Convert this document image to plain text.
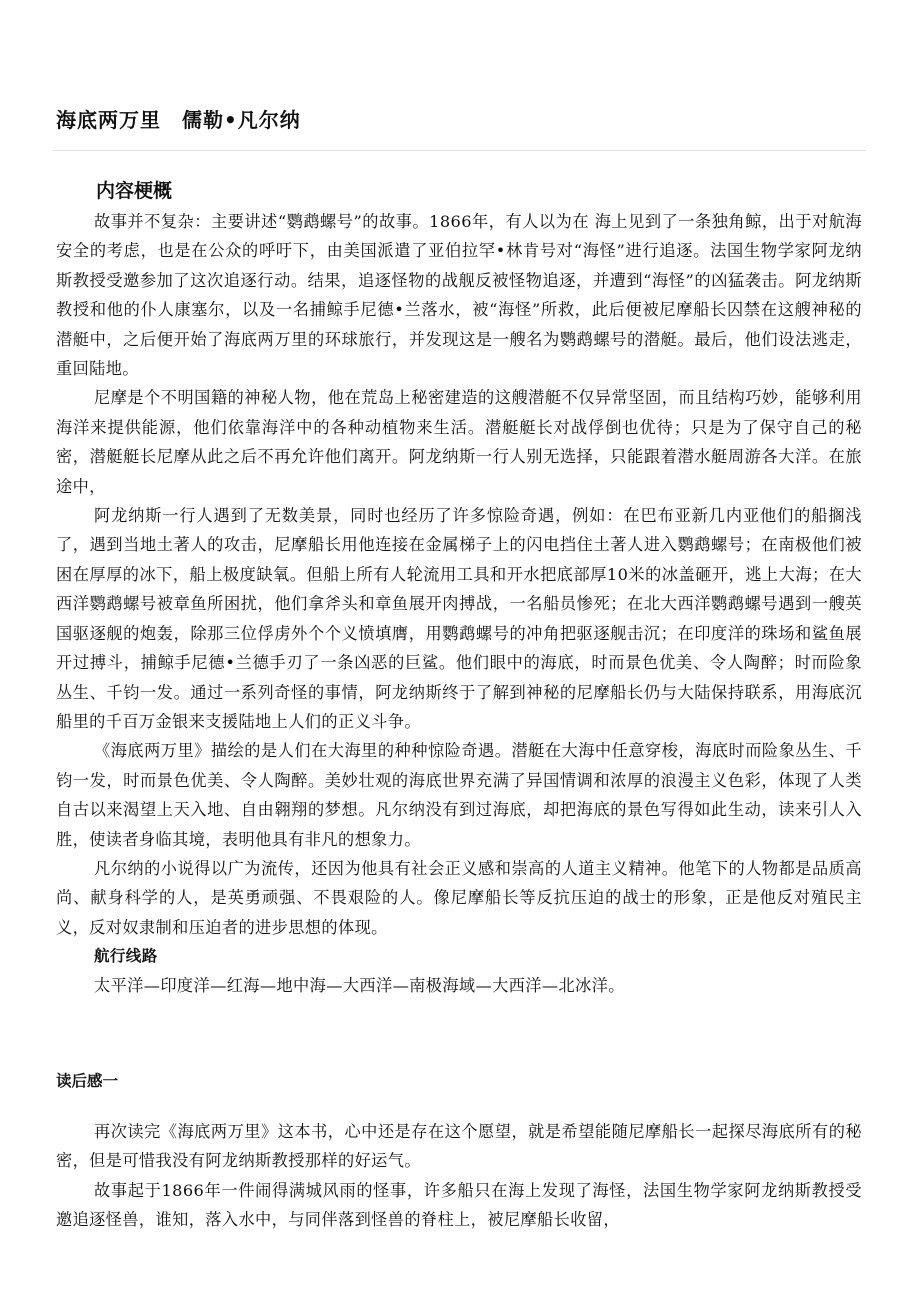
海底两万里　儒勒•凡尔纳
内容梗概

故事并不复杂：主要讲述“鹦鹉螺号”的故事。1866年，有人以为在 海上见到了一条独角鲸，出于对航海安全的考虑，也是在公众的呼吁下，由美国派遣了亚伯拉罕•林肯号对“海怪”进行追逐。法国生物学家阿龙纳斯教授受邀参加了这次追逐行动。结果，追逐怪物的战舰反被怪物追逐，并遭到“海怪”的凶猛袭击。阿龙纳斯教授和他的仆人康塞尔，以及一名捕鲸手尼德•兰落水，被“海怪”所救，此后便被尼摩船长囚禁在这艘神秘的潜艇中，之后便开始了海底两万里的环球旅行，并发现这是一艘名为鹦鹉螺号的潜艇。最后，他们设法逃走，重回陆地。

尼摩是个不明国籍的神秘人物，他在荒岛上秘密建造的这艘潜艇不仅异常坚固，而且结构巧妙，能够利用海洋来提供能源，他们依靠海洋中的各种动植物来生活。潜艇艇长对战俘倒也优待；只是为了保守自己的秘密，潜艇艇长尼摩从此之后不再允许他们离开。阿龙纳斯一行人别无选择，只能跟着潜水艇周游各大洋。在旅途中，

阿龙纳斯一行人遇到了无数美景，同时也经历了许多惊险奇遇，例如：在巴布亚新几内亚他们的船搁浅了，遇到当地土著人的攻击，尼摩船长用他连接在金属梯子上的闪电挡住土著人进入鹦鹉螺号；在南极他们被困在厚厚的冰下，船上极度缺氧。但船上所有人轮流用工具和开水把底部厚10米的冰盖砸开，逃上大海；在大西洋鹦鹉螺号被章鱼所困扰，他们拿斧头和章鱼展开肉搏战，一名船员惨死；在北大西洋鹦鹉螺号遇到一艘英国驱逐舰的炮轰，除那三位俘虏外个个义愤填膺，用鹦鹉螺号的冲角把驱逐舰击沉；在印度洋的珠场和鲨鱼展开过搏斗，捕鲸手尼德•兰德手刃了一条凶恶的巨鲨。他们眼中的海底，时而景色优美、令人陶醉；时而险象丛生、千钧一发。通过一系列奇怪的事情，阿龙纳斯终于了解到神秘的尼摩船长仍与大陆保持联系，用海底沉船里的千百万金银来支援陆地上人们的正义斗争。

《海底两万里》描绘的是人们在大海里的种种惊险奇遇。潜艇在大海中任意穿梭，海底时而险象丛生、千钧一发，时而景色优美、令人陶醉。美妙壮观的海底世界充满了异国情调和浓厚的浪漫主义色彩，体现了人类自古以来渴望上天入地、自由翱翔的梦想。凡尔纳没有到过海底，却把海底的景色写得如此生动，读来引人入胜，使读者身临其境，表明他具有非凡的想象力。

凡尔纳的小说得以广为流传，还因为他具有社会正义感和崇高的人道主义精神。他笔下的人物都是品质高尚、献身科学的人，是英勇顽强、不畏艰险的人。像尼摩船长等反抗压迫的战士的形象，正是他反对殖民主义，反对奴隶制和压迫者的进步思想的体现。

航行线路
太平洋—印度洋—红海—地中海—大西洋—南极海域—大西洋—北冰洋。
读后感一

再次读完《海底两万里》这本书，心中还是存在这个愿望，就是希望能随尼摩船长一起探尽海底所有的秘密，但是可惜我没有阿龙纳斯教授那样的好运气。

故事起于1866年一件闹得满城风雨的怪事，许多船只在海上发现了海怪，法国生物学家阿龙纳斯教授受邀追逐怪兽，谁知，落入水中，与同伴落到怪兽的脊柱上，被尼摩船长收留，
